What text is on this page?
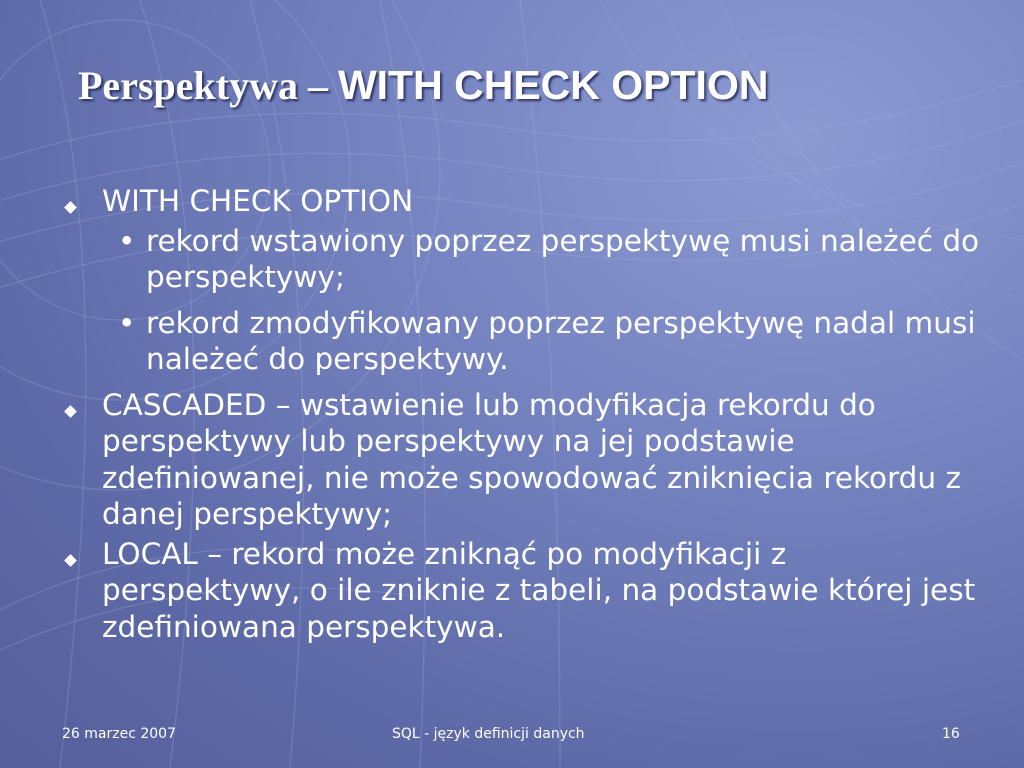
Perspektywa – WITH CHECK OPTION
WITH CHECK OPTION
• rekord wstawiony poprzez perspektywę musi należeć do perspektywy;
• rekord zmodyfikowany poprzez perspektywę nadal musi należeć do perspektywy.
CASCADED – wstawienie lub modyfikacja rekordu do perspektywy lub perspektywy na jej podstawie zdefiniowanej, nie może spowodować zniknięcia rekordu z danej perspektywy;
LOCAL – rekord może zniknąć po modyfikacji z perspektywy, o ile zniknie z tabeli, na podstawie której jest zdefiniowana perspektywa.
26 marzec 2007	SQL - język definicji danych	16
